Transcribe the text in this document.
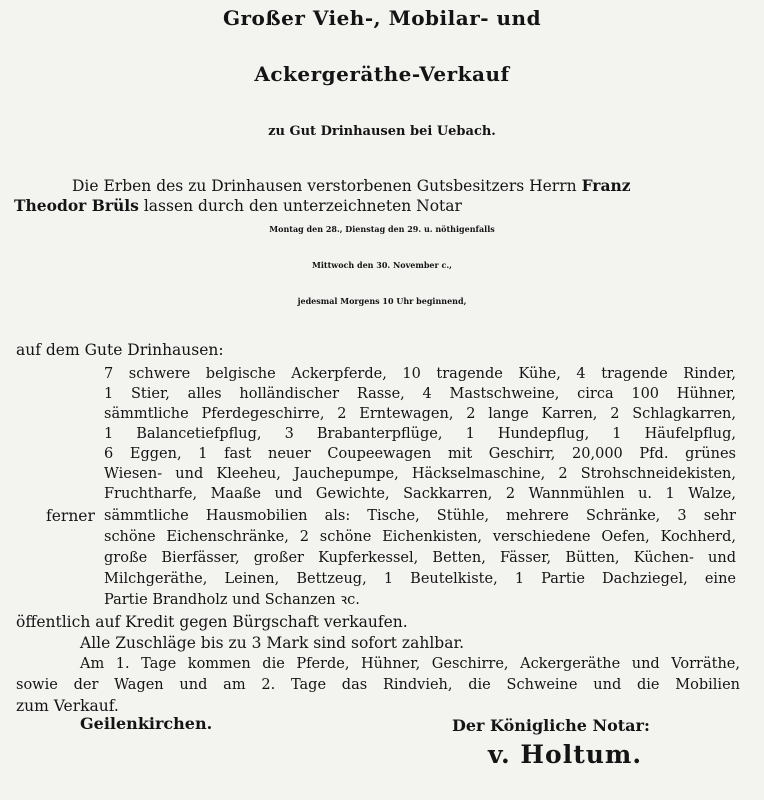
Großer Vieh-, Mobilar- und
Ackergeräthe-Verkauf
zu Gut Drinhausen bei Uebach.
Die Erben des zu Drinhausen verstorbenen Gutsbesitzers Herrn Franz
Theodor Brüls lassen durch den unterzeichneten Notar
Montag den 28., Dienstag den 29. u. nöthigenfalls
Mittwoch den 30. November c.,
jedesmal Morgens 10 Uhr beginnend,
auf dem Gute Drinhausen:
7 schwere belgische Ackerpferde, 10 tragende Kühe, 4 tragende Rinder,
1 Stier, alles holländischer Rasse, 4 Mastschweine, circa 100 Hühner,
sämmtliche Pferdegeschirre, 2 Erntewagen, 2 lange Karren, 2 Schlagkarren,
1 Balancetiefpflug, 3 Brabanterpflüge, 1 Hundepflug, 1 Häufelpflug,
6 Eggen, 1 fast neuer Coupeewagen mit Geschirr, 20,000 Pfd. grünes
Wiesen- und Kleeheu, Jauchepumpe, Häckselmaschine, 2 Strohschneidekisten,
Fruchtharfe, Maaße und Gewichte, Sackkarren, 2 Wannmühlen u. 1 Walze,
ferner sämmtliche Hausmobilien als: Tische, Stühle, mehrere Schränke, 3 sehr
schöne Eichenschränke, 2 schöne Eichenkisten, verschiedene Oefen, Kochherd,
große Bierfässer, großer Kupferkessel, Betten, Fässer, Bütten, Küchen- und
Milchgeräthe, Leinen, Bettzeug, 1 Beutelkiste, 1 Partie Dachziegel, eine
Partie Brandholz und Schanzen ꝛc.
öffentlich auf Kredit gegen Bürgschaft verkaufen.
Alle Zuschläge bis zu 3 Mark sind sofort zahlbar.
Am 1. Tage kommen die Pferde, Hühner, Geschirre, Ackergeräthe und Vorräthe,
sowie der Wagen und am 2. Tage das Rindvieh, die Schweine und die Mobilien
zum Verkauf.
Geilenkirchen.	Der Königliche Notar:
v. Holtum.
